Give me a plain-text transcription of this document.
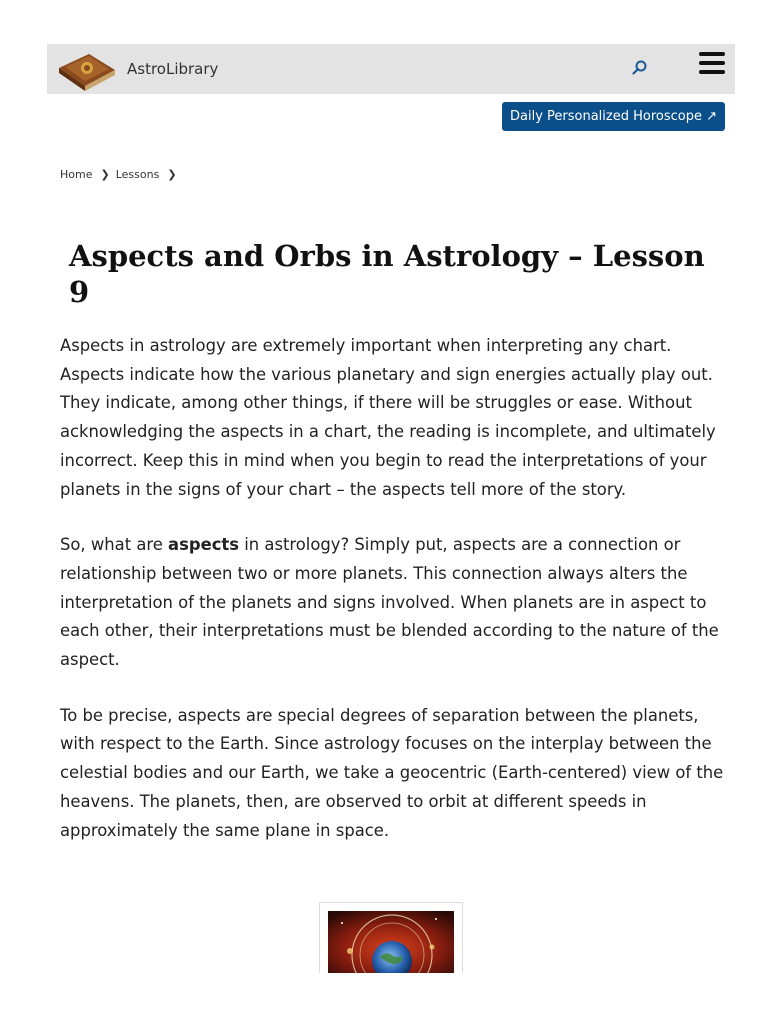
AstroLibrary
Daily Personalized Horoscope ↗
Home ❯ Lessons ❯
Aspects and Orbs in Astrology – Lesson 9

Aspects in astrology are extremely important when interpreting any chart. Aspects indicate how the various planetary and sign energies actually play out. They indicate, among other things, if there will be struggles or ease. Without acknowledging the aspects in a chart, the reading is incomplete, and ultimately incorrect. Keep this in mind when you begin to read the interpretations of your planets in the signs of your chart – the aspects tell more of the story.

So, what are aspects in astrology? Simply put, aspects are a connection or relationship between two or more planets. This connection always alters the interpretation of the planets and signs involved. When planets are in aspect to each other, their interpretations must be blended according to the nature of the aspect.

To be precise, aspects are special degrees of separation between the planets, with respect to the Earth. Since astrology focuses on the interplay between the celestial bodies and our Earth, we take a geocentric (Earth-centered) view of the heavens. The planets, then, are observed to orbit at different speeds in approximately the same plane in space.
